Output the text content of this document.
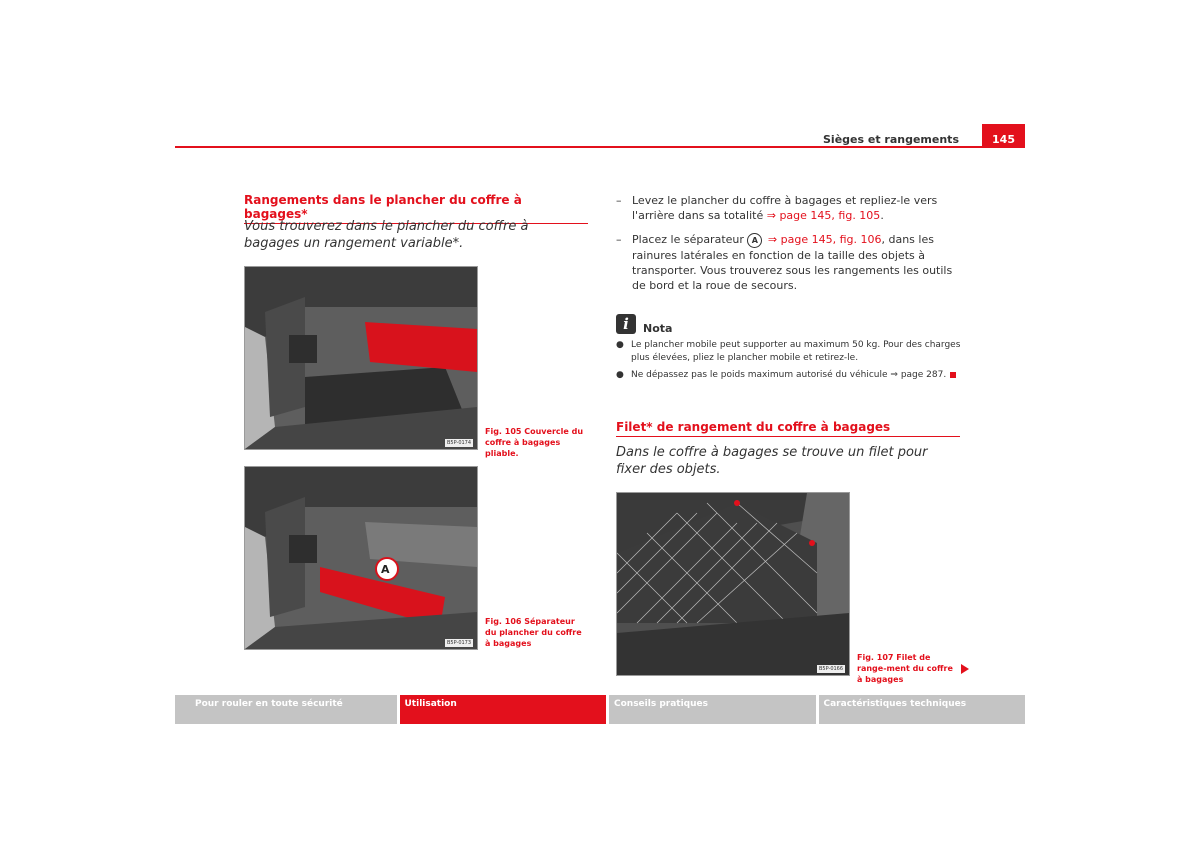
Sièges et rangements	145
Rangements dans le plancher du coffre à bagages*
Vous trouverez dans le plancher du coffre à bagages un rangement variable*.
B5P-0174
Fig. 105 Couvercle du coffre à bagages pliable.
A
B5P-0173
Fig. 106 Séparateur du plancher du coffre à bagages
– Levez le plancher du coffre à bagages et repliez-le vers l'arrière dans sa totalité ⇒ page 145, fig. 105.
– Placez le séparateur A ⇒ page 145, fig. 106, dans les rainures latérales en fonction de la taille des objets à transporter. Vous trouverez sous les rangements les outils de bord et la roue de secours.
i	Nota
● Le plancher mobile peut supporter au maximum 50 kg. Pour des charges plus élevées, pliez le plancher mobile et retirez-le.
● Ne dépassez pas le poids maximum autorisé du véhicule ⇒ page 287.
Filet* de rangement du coffre à bagages
Dans le coffre à bagages se trouve un filet pour fixer des objets.
B5P-0166
Fig. 107 Filet de range-ment du coffre à bagages
Pour rouler en toute sécurité	Utilisation	Conseils pratiques	Caractéristiques techniques
